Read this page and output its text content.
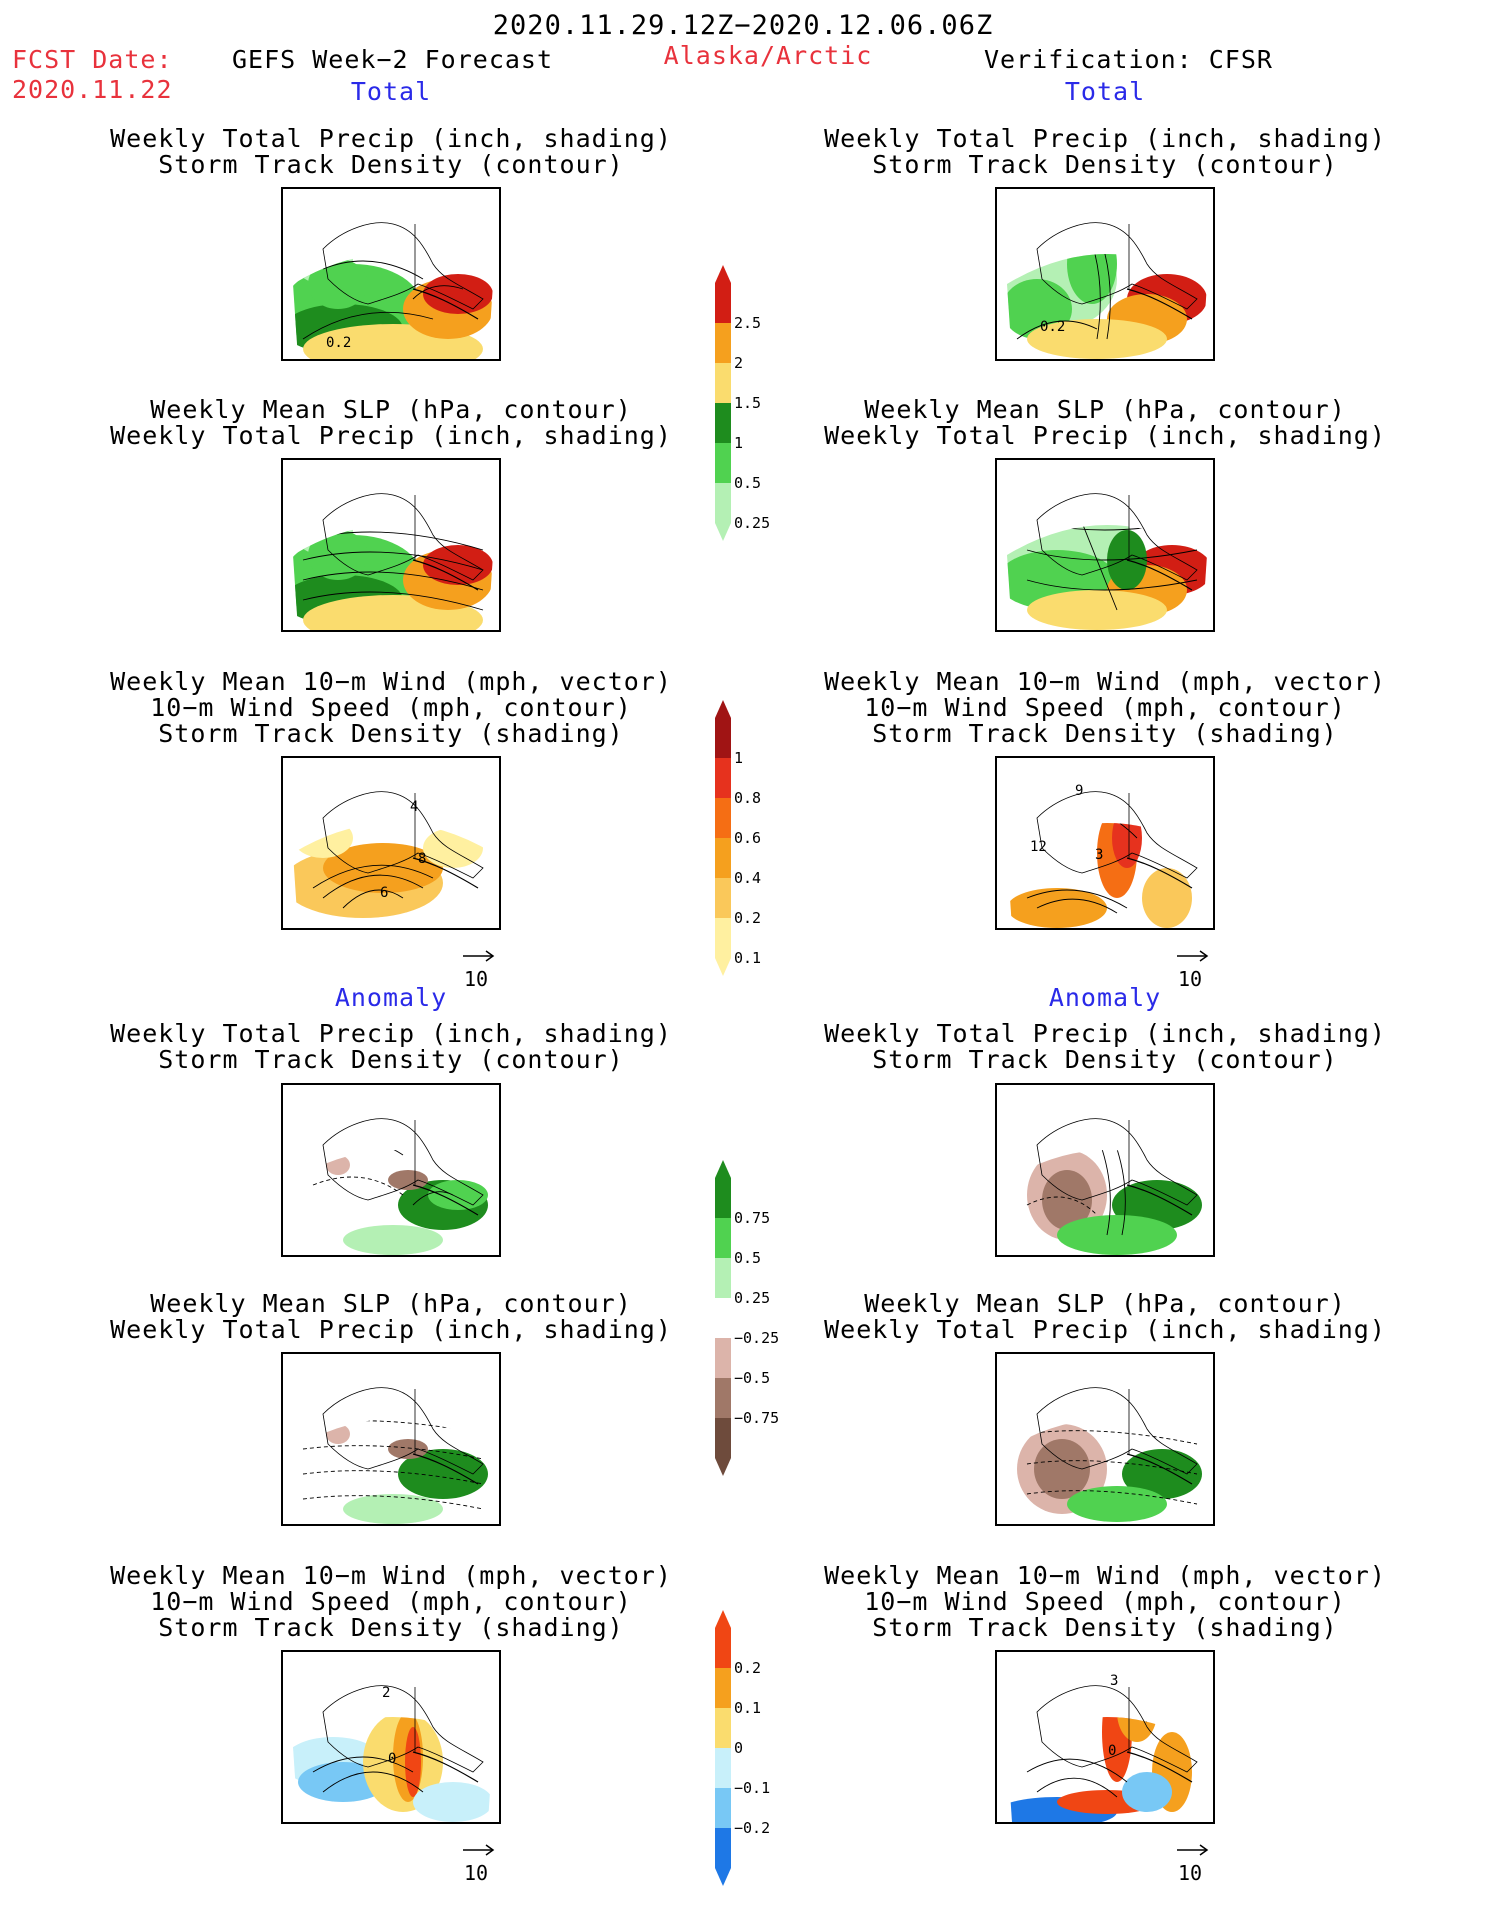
2020.11.29.12Z−2020.12.06.06Z
FCST Date:
2020.11.22
GEFS Week−2 Forecast	Alaska/Arctic	Verification: CFSR
Total	Total
Anomaly	Anomaly
Weekly Total Precip (inch, shading)
Storm Track Density (contour)
Weekly Mean SLP (hPa, contour)
Weekly Total Precip (inch, shading)
Weekly Mean 10−m Wind (mph, vector)
10−m Wind Speed (mph, contour)
Storm Track Density (shading)
Weekly Total Precip (inch, shading)
Storm Track Density (contour)
Weekly Mean SLP (hPa, contour)
Weekly Total Precip (inch, shading)
Weekly Mean 10−m Wind (mph, vector)
10−m Wind Speed (mph, contour)
Storm Track Density (shading)
Weekly Total Precip (inch, shading)
Storm Track Density (contour)
Weekly Mean SLP (hPa, contour)
Weekly Total Precip (inch, shading)
Weekly Mean 10−m Wind (mph, vector)
10−m Wind Speed (mph, contour)
Storm Track Density (shading)
Weekly Total Precip (inch, shading)
Storm Track Density (contour)
Weekly Mean SLP (hPa, contour)
Weekly Total Precip (inch, shading)
Weekly Mean 10−m Wind (mph, vector)
10−m Wind Speed (mph, contour)
Storm Track Density (shading)
0.2
0.2
4
8
6
9
12	3
2
0
3
0
10	10
10	10
2.5
2
1.5
1
0.5
0.25
1
0.8
0.6
0.4
0.2
0.1
0.75
0.5
0.25
−0.25
−0.5
−0.75
0.2
0.1
0
−0.1
−0.2
